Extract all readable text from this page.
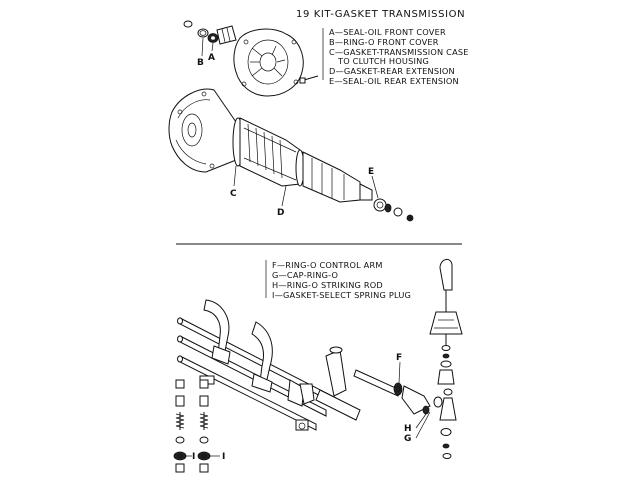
19 KIT-GASKET TRANSMISSION
A—SEAL-OIL FRONT COVER
B—RING-O FRONT COVER
C—GASKET-TRANSMISSION CASE
TO CLUTCH HOUSING
D—GASKET-REAR EXTENSION
E—SEAL-OIL REAR EXTENSION
B A
C
D
E
F—RING-O CONTROL ARM
G—CAP-RING-O
H—RING-O STRIKING ROD
I—GASKET-SELECT SPRING PLUG
F
H
G
I	I
